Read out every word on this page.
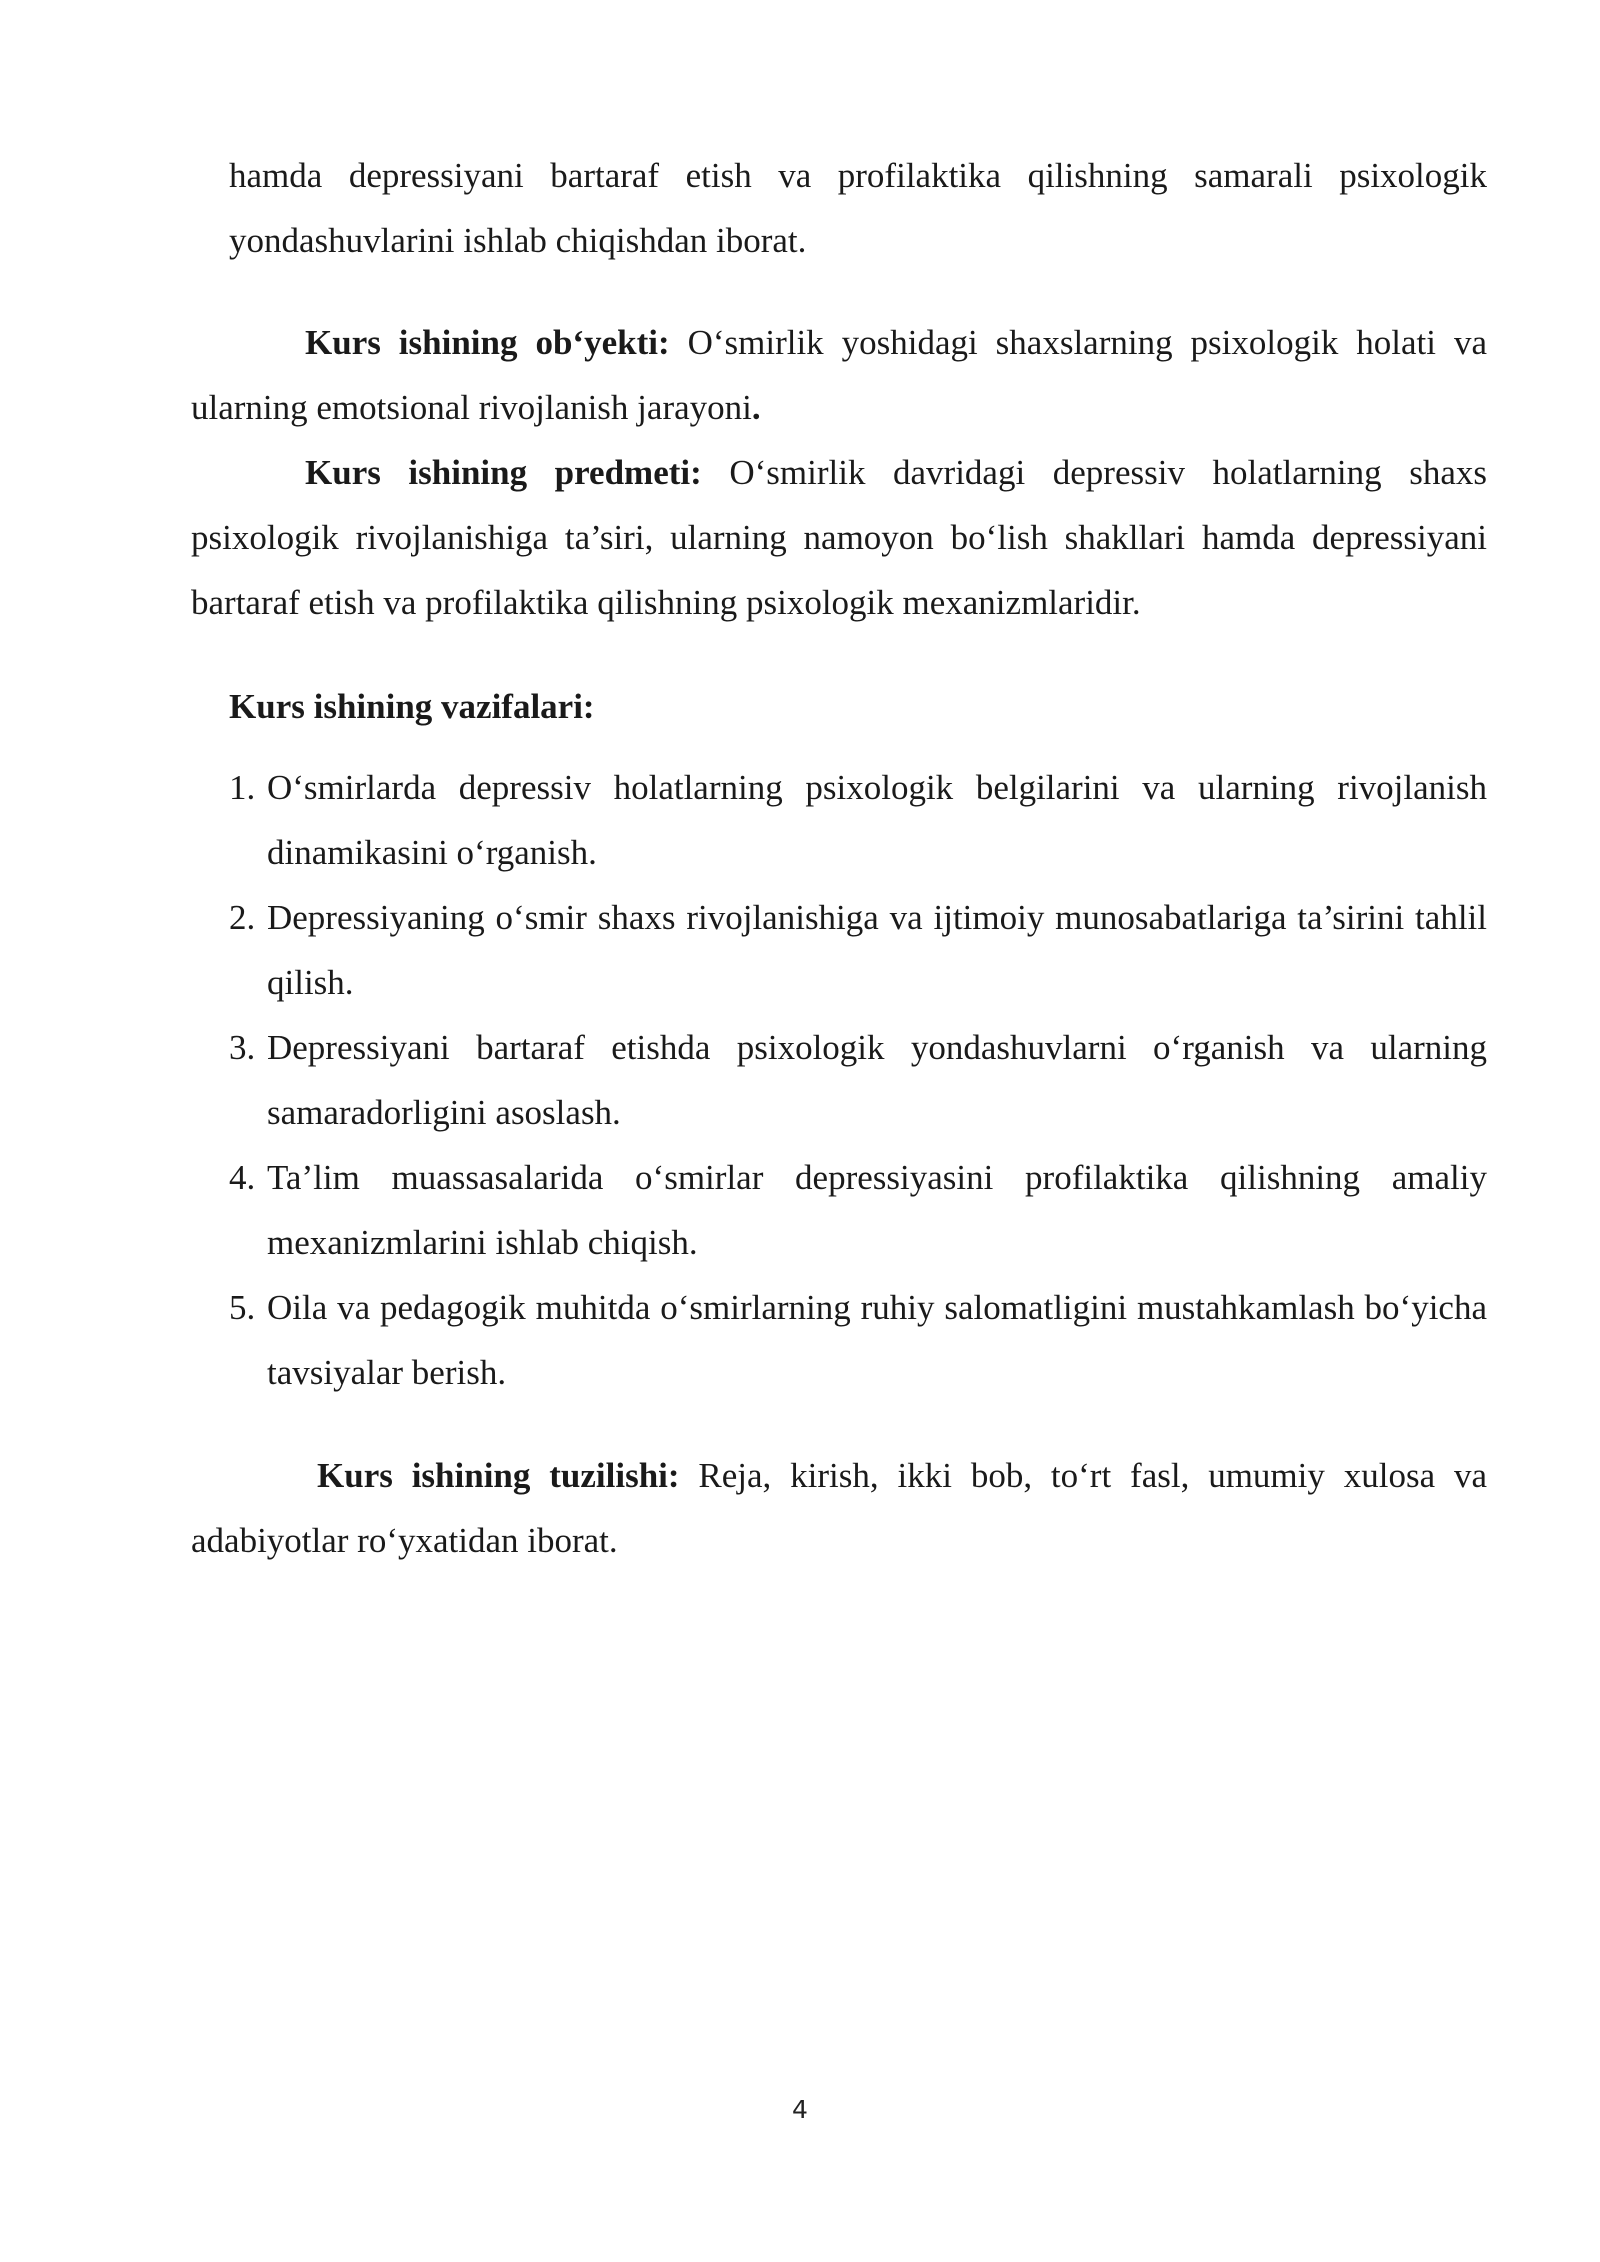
hamda depressiyani bartaraf etish va profilaktika qilishning samarali psixologik yondashuvlarini ishlab chiqishdan iborat.

Kurs ishining ob‘yekti: O‘smirlik yoshidagi shaxslarning psixologik holati va ularning emotsional rivojlanish jarayoni.

Kurs ishining predmeti: O‘smirlik davridagi depressiv holatlarning shaxs psixologik rivojlanishiga ta’siri, ularning namoyon bo‘lish shakllari hamda depressiyani bartaraf etish va profilaktika qilishning psixologik mexanizmlaridir.

Kurs ishining vazifalari:

1. O‘smirlarda depressiv holatlarning psixologik belgilarini va ularning rivojlanish dinamikasini o‘rganish.
2. Depressiyaning o‘smir shaxs rivojlanishiga va ijtimoiy munosabatlariga ta’sirini tahlil qilish.
3. Depressiyani bartaraf etishda psixologik yondashuvlarni o‘rganish va ularning samaradorligini asoslash.
4. Ta’lim muassasalarida o‘smirlar depressiyasini profilaktika qilishning amaliy mexanizmlarini ishlab chiqish.
5. Oila va pedagogik muhitda o‘smirlarning ruhiy salomatligini mustahkamlash bo‘yicha tavsiyalar berish.

Kurs ishining tuzilishi: Reja, kirish, ikki bob, to‘rt fasl, umumiy xulosa va adabiyotlar ro‘yxatidan iborat.

4
